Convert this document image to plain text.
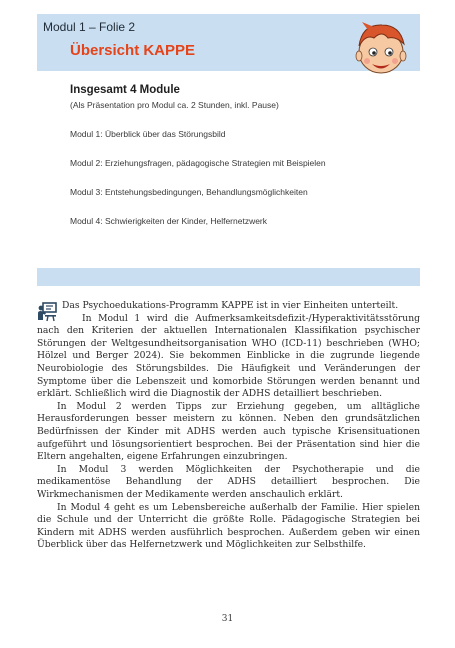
Modul 1 – Folie 2
Übersicht KAPPE
Insgesamt 4 Module
(Als Präsentation pro Modul ca. 2 Stunden, inkl. Pause)
Modul 1: Überblick über das Störungsbild
Modul 2: Erziehungsfragen, pädagogische Strategien mit Beispielen
Modul 3: Entstehungsbedingungen, Behandlungsmöglichkeiten
Modul 4: Schwierigkeiten der Kinder, Helfernetzwerk

Das Psychoedukations-Programm KAPPE ist in vier Einheiten unterteilt.

In Modul 1 wird die Aufmerksamkeitsdefizit-/Hyperaktivitätsstörung nach den Kriterien der aktuellen Internationalen Klassifikation psychischer Störungen der Weltgesundheitsorganisation WHO (ICD-11) beschrieben (WHO; Hölzel und Berger 2024). Sie bekommen Einblicke in die zugrunde liegende Neurobiologie des Störungsbildes. Die Häufigkeit und Veränderungen der Symptome über die Lebenszeit und komorbide Störungen werden benannt und erklärt. Schließlich wird die Diagnostik der ADHS detailliert beschrieben.

In Modul 2 werden Tipps zur Erziehung gegeben, um alltägliche Herausforderungen besser meistern zu können. Neben den grundsätzlichen Bedürfnissen der Kinder mit ADHS werden auch typische Krisensituationen aufgeführt und lösungsorientiert besprochen. Bei der Präsentation sind hier die Eltern angehalten, eigene Erfahrungen einzubringen.

In Modul 3 werden Möglichkeiten der Psychotherapie und die medikamentöse Behandlung der ADHS detailliert besprochen. Die Wirkmechanismen der Medikamente werden anschaulich erklärt.

In Modul 4 geht es um Lebensbereiche außerhalb der Familie. Hier spielen die Schule und der Unterricht die größte Rolle. Pädagogische Strategien bei Kindern mit ADHS werden ausführlich besprochen. Außerdem geben wir einen Überblick über das Helfernetzwerk und Möglichkeiten zur Selbsthilfe.

31
